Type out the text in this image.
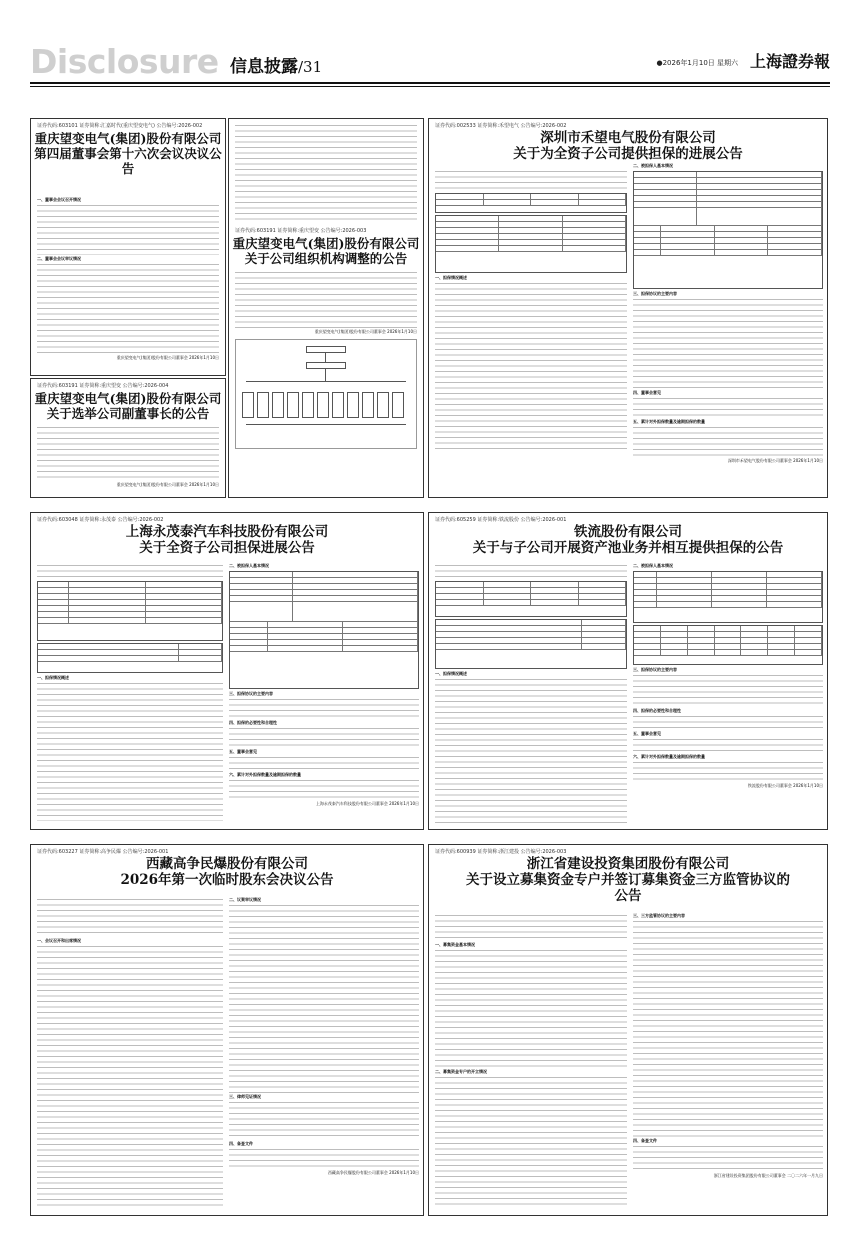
Disclosure 信息披露/31	●2026年1月10日 星期六 上海證券報
证券代码:603101 证券简称:汇嘉时代(重庆望变电气) 公告编号:2026-002
重庆望变电气(集团)股份有限公司
第四届董事会第十六次会议决议公告
一、董事会会议召开情况
二、董事会会议审议情况
重庆望变电气(集团)股份有限公司董事会 2026年1月10日
证券代码:603191 证券简称:重庆望变 公告编号:2026-004
重庆望变电气(集团)股份有限公司
关于选举公司副董事长的公告
重庆望变电气(集团)股份有限公司董事会 2026年1月10日
证券代码:603191 证券简称:重庆望变 公告编号:2026-003
重庆望变电气(集团)股份有限公司
关于公司组织机构调整的公告
重庆望变电气(集团)股份有限公司董事会 2026年1月10日
证券代码:002533 证券简称:禾望电气 公告编号:2026-002
深圳市禾望电气股份有限公司
关于为全资子公司提供担保的进展公告
一、担保情况概述
二、被担保人基本情况
三、担保协议的主要内容
四、董事会意见
五、累计对外担保数量及逾期担保的数量
深圳市禾望电气股份有限公司董事会 2026年1月10日
证券代码:603048 证券简称:永茂泰 公告编号:2026-002
上海永茂泰汽车科技股份有限公司
关于全资子公司担保进展公告
一、担保情况概述
二、被担保人基本情况
三、担保协议的主要内容
四、担保的必要性和合理性
五、董事会意见
六、累计对外担保数量及逾期担保的数量
上海永茂泰汽车科技股份有限公司董事会 2026年1月10日
证券代码:605259 证券简称:铁流股份 公告编号:2026-001
铁流股份有限公司
关于与子公司开展资产池业务并相互提供担保的公告
一、担保情况概述
二、被担保人基本情况
三、担保协议的主要内容
四、担保的必要性和合理性
五、董事会意见
六、累计对外担保数量及逾期担保的数量
铁流股份有限公司董事会 2026年1月10日
证券代码:603227 证券简称:高争民爆 公告编号:2026-001
西藏高争民爆股份有限公司
2026年第一次临时股东会决议公告
一、会议召开和出席情况
二、议案审议情况
三、律师见证情况
四、备查文件
西藏高争民爆股份有限公司董事会 2026年1月10日
证券代码:600939 证券简称:浙江建投 公告编号:2026-003
浙江省建设投资集团股份有限公司
关于设立募集资金专户并签订募集资金三方监管协议的
公告
一、募集资金基本情况
二、募集资金专户的开立情况
三、三方监管协议的主要内容
四、备查文件
浙江省建设投资集团股份有限公司董事会 二〇二六年一月九日
